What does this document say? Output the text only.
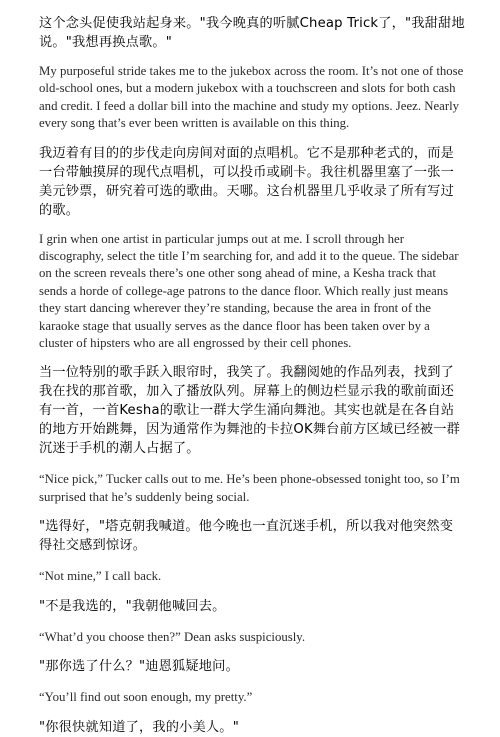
这个念头促使我站起身来。"我今晚真的听腻Cheap Trick了，"我甜甜地说。"我想再换点歌。"

My purposeful stride takes me to the jukebox across the room. It’s not one of those old-school ones, but a modern jukebox with a touchscreen and slots for both cash and credit. I feed a dollar bill into the machine and study my options. Jeez. Nearly every song that’s ever been written is available on this thing.

我迈着有目的的步伐走向房间对面的点唱机。它不是那种老式的，而是一台带触摸屏的现代点唱机，可以投币或刷卡。我往机器里塞了一张一美元钞票，研究着可选的歌曲。天哪。这台机器里几乎收录了所有写过的歌。

I grin when one artist in particular jumps out at me. I scroll through her discography, select the title I’m searching for, and add it to the queue. The sidebar on the screen reveals there’s one other song ahead of mine, a Kesha track that sends a horde of college-age patrons to the dance floor. Which really just means they start dancing wherever they’re standing, because the area in front of the karaoke stage that usually serves as the dance floor has been taken over by a cluster of hipsters who are all engrossed by their cell phones.

当一位特别的歌手跃入眼帘时，我笑了。我翻阅她的作品列表，找到了我在找的那首歌，加入了播放队列。屏幕上的侧边栏显示我的歌前面还有一首，一首Kesha的歌让一群大学生涌向舞池。其实也就是在各自站的地方开始跳舞，因为通常作为舞池的卡拉OK舞台前方区域已经被一群沉迷于手机的潮人占据了。

“Nice pick,” Tucker calls out to me. He’s been phone-obsessed tonight too, so I’m surprised that he’s suddenly being social.

"选得好，"塔克朝我喊道。他今晚也一直沉迷手机，所以我对他突然变得社交感到惊讶。

“Not mine,” I call back.

"不是我选的，"我朝他喊回去。

“What’d you choose then?” Dean asks suspiciously.

"那你选了什么？"迪恩狐疑地问。

“You’ll find out soon enough, my pretty.”

"你很快就知道了，我的小美人。"
